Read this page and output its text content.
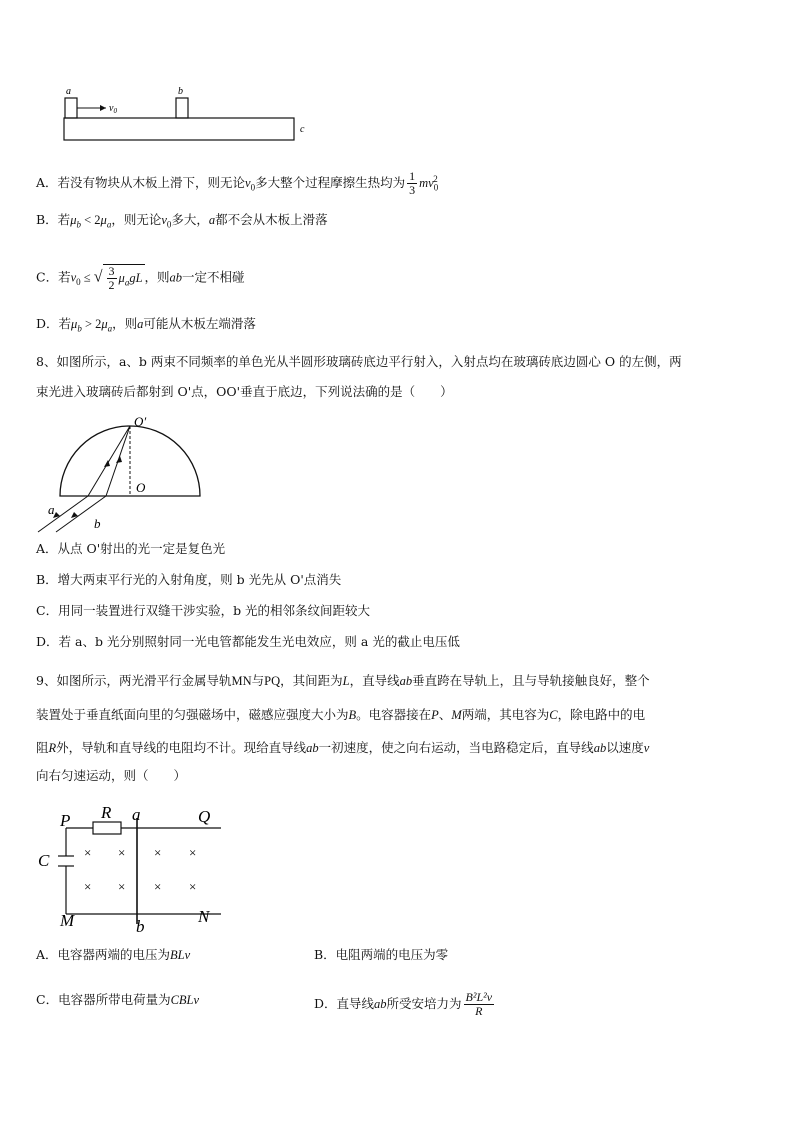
a	b
$v_0$
c
A．若没有物块从木板上滑下，则无论$v_0$多大整个过程摩擦生热均为 $\frac{1}{3} mv_0^2$
B．若$\mu_b < 2\mu_a$，则无论$v_0$多大，a都不会从木板上滑落
C．若$v_0$ ≤ √ $\frac{3}{2} \mu_agL$ ，则ab一定不相碰
D．若$\mu_b > 2\mu_a$，则a可能从木板左端滑落
8、如图所示，a、b 两束不同频率的单色光从半圆形玻璃砖底边平行射入，入射点均在玻璃砖底边圆心 O 的左侧，两
束光进入玻璃砖后都射到 O'点，OO'垂直于底边，下列说法确的是（　　）
O′
O
a
b
A．从点 O'射出的光一定是复色光
B．增大两束平行光的入射角度，则 b 光先从 O'点消失
C．用同一装置进行双缝干涉实验，b 光的相邻条纹间距较大
D．若 a、b 光分别照射同一光电管都能发生光电效应，则 a 光的截止电压低
9、如图所示，两光滑平行金属导轨MN与PQ，其间距为L，直导线ab垂直跨在导轨上，且与导轨接触良好，整个
装置处于垂直纸面向里的匀强磁场中，磁感应强度大小为B。电容器接在P、M两端，其电容为C，除电路中的电
阻R外，导轨和直导线的电阻均不计。现给直导线ab一初速度，使之向右运动，当电路稳定后，直导线ab以速度v
向右匀速运动，则（　　）
P R a	Q
C
M	b
N
× × × ×
× × × ×
A．电容器两端的电压为BLv	B．电阻两端的电压为零
C．电容器所带电荷量为CBLv	D．直导线ab所受安培力为 $\frac{\text{B²L²v}}{R}$
